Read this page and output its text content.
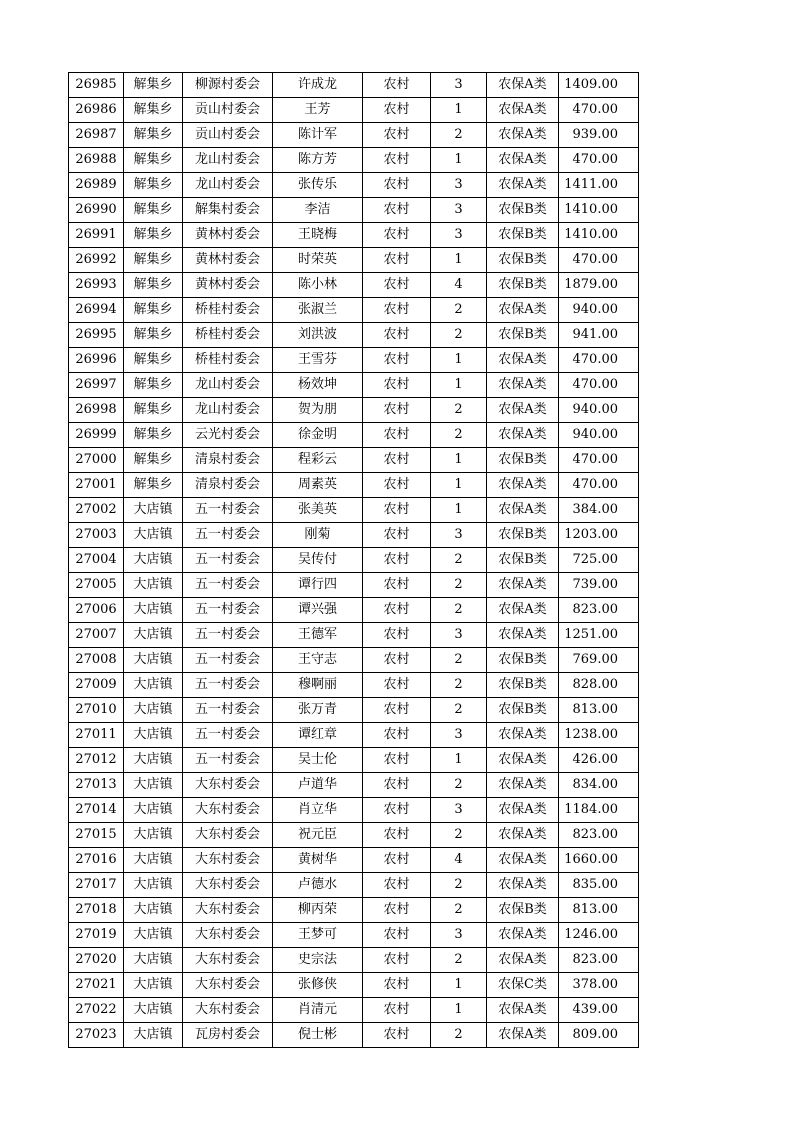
26985	解集乡	柳源村委会	许成龙	农村	3	农保A类	1409.00
26986	解集乡	贡山村委会	王芳	农村	1	农保A类	470.00
26987	解集乡	贡山村委会	陈计军	农村	2	农保A类	939.00
26988	解集乡	龙山村委会	陈方芳	农村	1	农保A类	470.00
26989	解集乡	龙山村委会	张传乐	农村	3	农保A类	1411.00
26990	解集乡	解集村委会	李洁	农村	3	农保B类	1410.00
26991	解集乡	黄林村委会	王晓梅	农村	3	农保B类	1410.00
26992	解集乡	黄林村委会	时荣英	农村	1	农保B类	470.00
26993	解集乡	黄林村委会	陈小林	农村	4	农保B类	1879.00
26994	解集乡	桥桂村委会	张淑兰	农村	2	农保A类	940.00
26995	解集乡	桥桂村委会	刘洪波	农村	2	农保B类	941.00
26996	解集乡	桥桂村委会	王雪芬	农村	1	农保A类	470.00
26997	解集乡	龙山村委会	杨效坤	农村	1	农保A类	470.00
26998	解集乡	龙山村委会	贺为朋	农村	2	农保A类	940.00
26999	解集乡	云光村委会	徐金明	农村	2	农保A类	940.00
27000	解集乡	清泉村委会	程彩云	农村	1	农保B类	470.00
27001	解集乡	清泉村委会	周素英	农村	1	农保A类	470.00
27002	大店镇	五一村委会	张美英	农村	1	农保A类	384.00
27003	大店镇	五一村委会	刚菊	农村	3	农保B类	1203.00
27004	大店镇	五一村委会	吴传付	农村	2	农保B类	725.00
27005	大店镇	五一村委会	谭行四	农村	2	农保A类	739.00
27006	大店镇	五一村委会	谭兴强	农村	2	农保A类	823.00
27007	大店镇	五一村委会	王德军	农村	3	农保A类	1251.00
27008	大店镇	五一村委会	王守志	农村	2	农保B类	769.00
27009	大店镇	五一村委会	穆啊丽	农村	2	农保B类	828.00
27010	大店镇	五一村委会	张万青	农村	2	农保B类	813.00
27011	大店镇	五一村委会	谭红章	农村	3	农保A类	1238.00
27012	大店镇	五一村委会	吴士伦	农村	1	农保A类	426.00
27013	大店镇	大东村委会	卢道华	农村	2	农保A类	834.00
27014	大店镇	大东村委会	肖立华	农村	3	农保A类	1184.00
27015	大店镇	大东村委会	祝元臣	农村	2	农保A类	823.00
27016	大店镇	大东村委会	黄树华	农村	4	农保A类	1660.00
27017	大店镇	大东村委会	卢德水	农村	2	农保A类	835.00
27018	大店镇	大东村委会	柳丙荣	农村	2	农保B类	813.00
27019	大店镇	大东村委会	王梦可	农村	3	农保A类	1246.00
27020	大店镇	大东村委会	史宗法	农村	2	农保A类	823.00
27021	大店镇	大东村委会	张修侠	农村	1	农保C类	378.00
27022	大店镇	大东村委会	肖清元	农村	1	农保A类	439.00
27023	大店镇	瓦房村委会	倪士彬	农村	2	农保A类	809.00
